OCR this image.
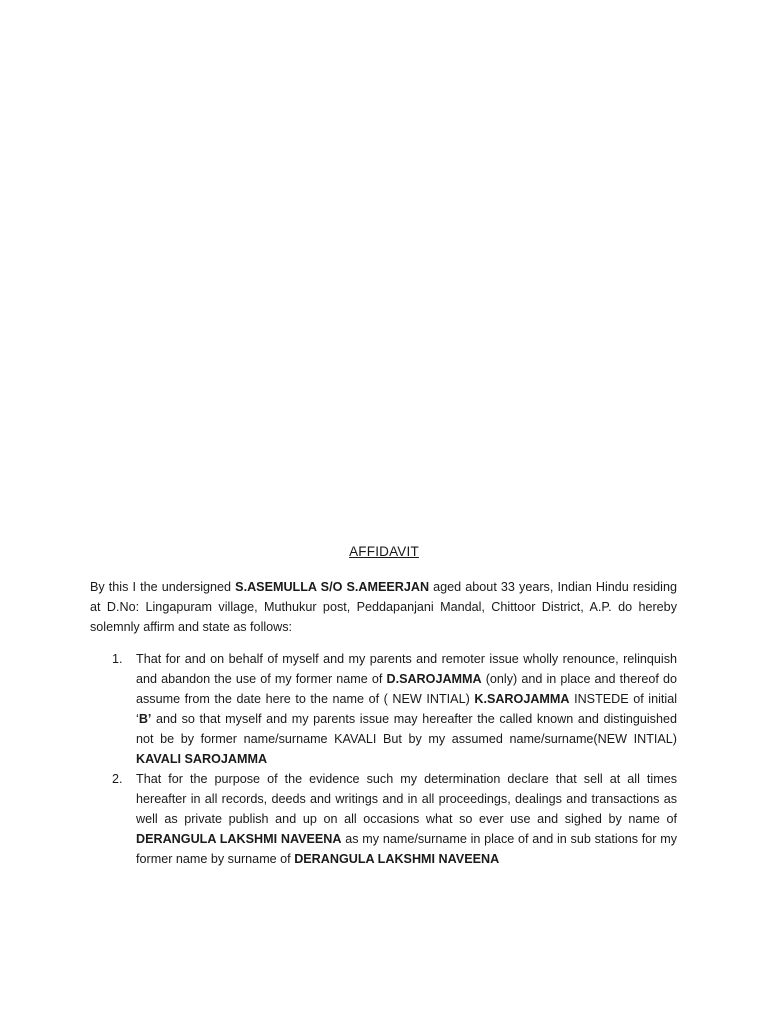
AFFIDAVIT

By this I the undersigned S.ASEMULLA S/O S.AMEERJAN aged about 33 years, Indian Hindu residing at D.No: Lingapuram village, Muthukur post, Peddapanjani Mandal, Chittoor District, A.P. do hereby solemnly affirm and state as follows:

1. That for and on behalf of myself and my parents and remoter issue wholly renounce, relinquish and abandon the use of my former name of D.SAROJAMMA (only) and in place and thereof do assume from the date here to the name of ( NEW INTIAL) K.SAROJAMMA INSTEDE of initial ‘B’ and so that myself and my parents issue may hereafter the called known and distinguished not be by former name/surname KAVALI But by my assumed name/surname(NEW INTIAL) KAVALI SAROJAMMA
2. That for the purpose of the evidence such my determination declare that sell at all times hereafter in all records, deeds and writings and in all proceedings, dealings and transactions as well as private publish and up on all occasions what so ever use and sighed by name of DERANGULA LAKSHMI NAVEENA as my name/surname in place of and in sub stations for my former name by surname of DERANGULA LAKSHMI NAVEENA
